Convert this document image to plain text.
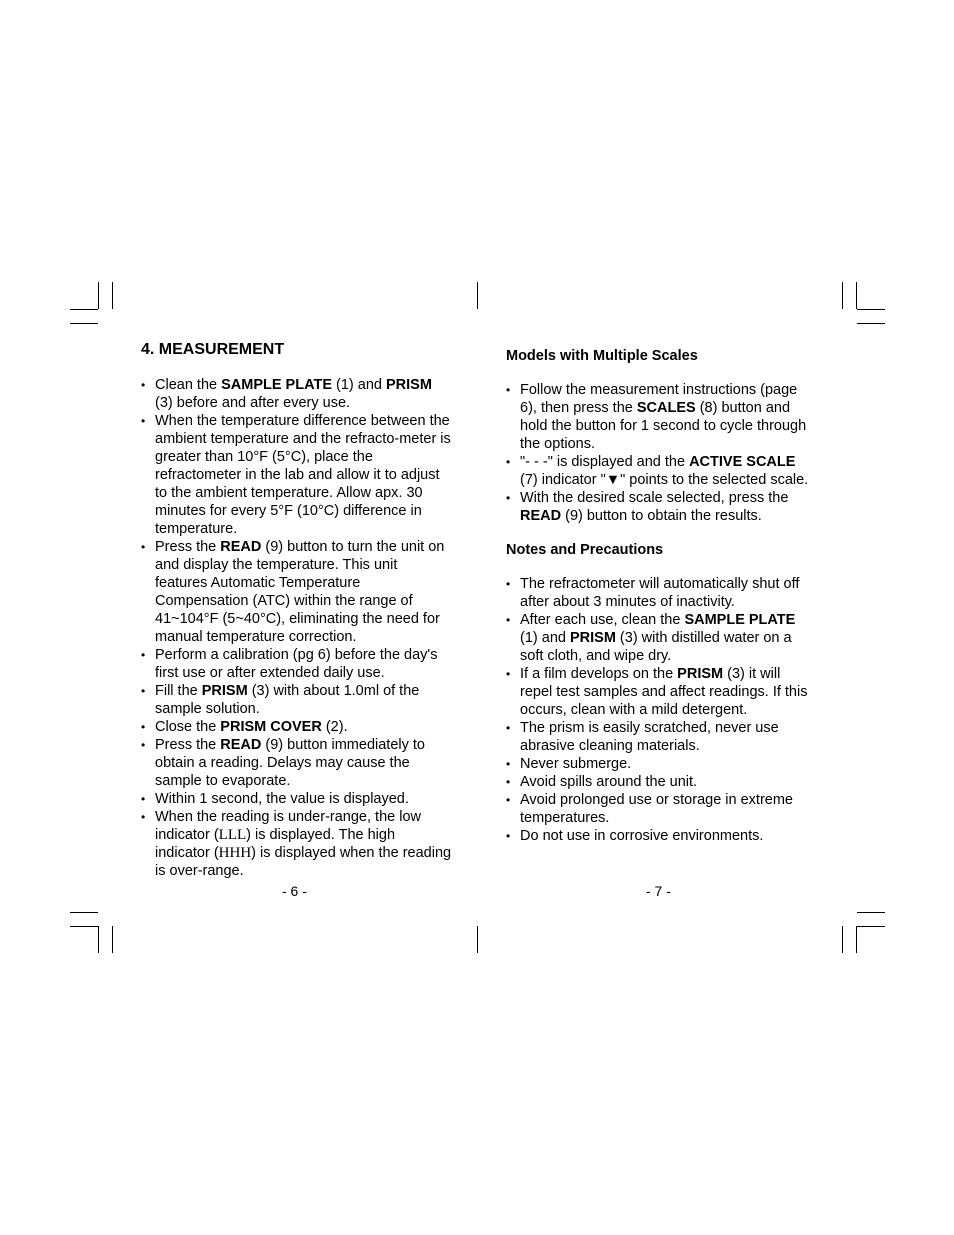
4. MEASUREMENT
• Clean the SAMPLE PLATE (1) and PRISM (3) before and after every use.
• When the temperature difference between the ambient temperature and the refracto-meter is greater than 10°F (5°C), place the refractometer in the lab and allow it to adjust to the ambient temperature. Allow apx. 30 minutes for every 5°F (10°C) difference in temperature.
• Press the READ (9) button to turn the unit on and display the temperature. This unit features Automatic Temperature Compensation (ATC) within the range of 41~104°F (5~40°C), eliminating the need for manual temperature correction.
• Perform a calibration (pg 6) before the day's first use or after extended daily use.
• Fill the PRISM (3) with about 1.0ml of the sample solution.
• Close the PRISM COVER (2).
• Press the READ (9) button immediately to obtain a reading. Delays may cause the sample to evaporate.
• Within 1 second, the value is displayed.
• When the reading is under-range, the low indicator (LLL) is displayed. The high indicator (HHH) is displayed when the reading is over-range.
- 6 -
Models with Multiple Scales
• Follow the measurement instructions (page 6), then press the SCALES (8) button and hold the button for 1 second to cycle through the options.
• "- - -" is displayed and the ACTIVE SCALE (7) indicator "▼" points to the selected scale.
• With the desired scale selected, press the READ (9) button to obtain the results.
Notes and Precautions
• The refractometer will automatically shut off after about 3 minutes of inactivity.
• After each use, clean the SAMPLE PLATE (1) and PRISM (3) with distilled water on a soft cloth, and wipe dry.
• If a film develops on the PRISM (3) it will repel test samples and affect readings. If this occurs, clean with a mild detergent.
• The prism is easily scratched, never use abrasive cleaning materials.
• Never submerge.
• Avoid spills around the unit.
• Avoid prolonged use or storage in extreme temperatures.
• Do not use in corrosive environments.
- 7 -
